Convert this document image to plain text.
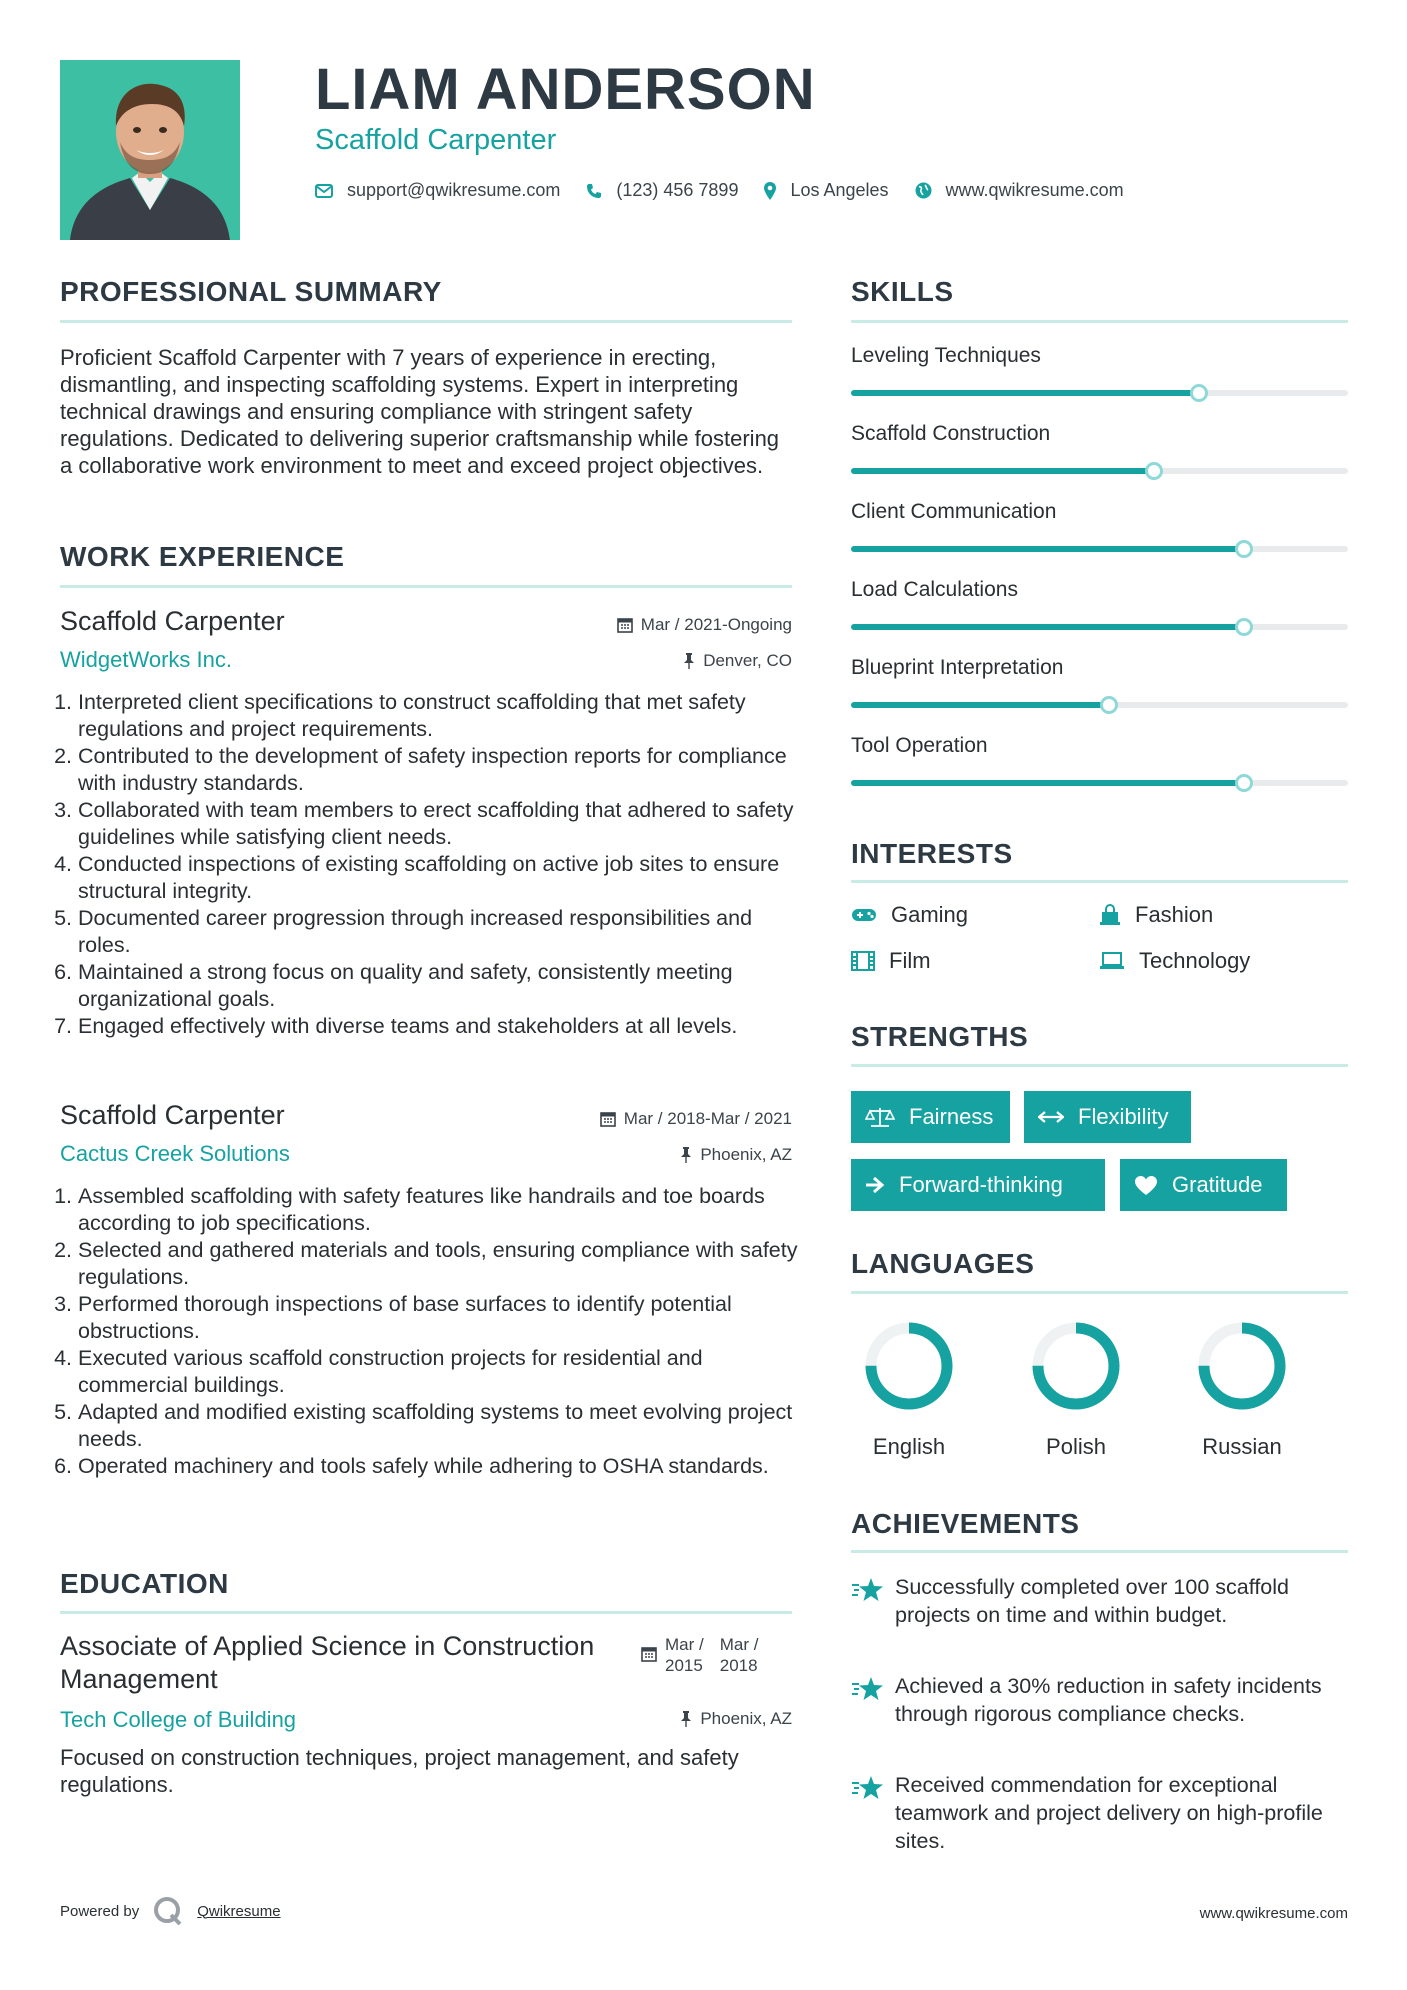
LIAM ANDERSON
Scaffold Carpenter
support@qwikresume.com	(123) 456 7899	Los Angeles	www.qwikresume.com
PROFESSIONAL SUMMARY
Proficient Scaffold Carpenter with 7 years of experience in erecting, dismantling, and inspecting scaffolding systems. Expert in interpreting technical drawings and ensuring compliance with stringent safety regulations. Dedicated to delivering superior craftsmanship while fostering a collaborative work environment to meet and exceed project objectives.
WORK EXPERIENCE
Scaffold Carpenter	Mar / 2021-Ongoing
WidgetWorks Inc.	Denver, CO
1. Interpreted client specifications to construct scaffolding that met safety regulations and project requirements.
2. Contributed to the development of safety inspection reports for compliance with industry standards.
3. Collaborated with team members to erect scaffolding that adhered to safety guidelines while satisfying client needs.
4. Conducted inspections of existing scaffolding on active job sites to ensure structural integrity.
5. Documented career progression through increased responsibilities and roles.
6. Maintained a strong focus on quality and safety, consistently meeting organizational goals.
7. Engaged effectively with diverse teams and stakeholders at all levels.
Scaffold Carpenter	Mar / 2018-Mar / 2021
Cactus Creek Solutions	Phoenix, AZ
1. Assembled scaffolding with safety features like handrails and toe boards according to job specifications.
2. Selected and gathered materials and tools, ensuring compliance with safety regulations.
3. Performed thorough inspections of base surfaces to identify potential obstructions.
4. Executed various scaffold construction projects for residential and commercial buildings.
5. Adapted and modified existing scaffolding systems to meet evolving project needs.
6. Operated machinery and tools safely while adhering to OSHA standards.
EDUCATION
Associate of Applied Science in Construction Management
Mar /
2015
Mar /
2018
Tech College of Building	Phoenix, AZ
Focused on construction techniques, project management, and safety regulations.
SKILLS
Leveling Techniques
Scaffold Construction
Client Communication
Load Calculations
Blueprint Interpretation
Tool Operation
INTERESTS
Gaming	Fashion
Film	Technology
STRENGTHS
Fairness	Flexibility
Forward-thinking	Gratitude
LANGUAGES
English	Polish	Russian
ACHIEVEMENTS
Successfully completed over 100 scaffold projects on time and within budget.
Achieved a 30% reduction in safety incidents through rigorous compliance checks.
Received commendation for exceptional teamwork and project delivery on high-profile sites.
Powered by	Qwikresume	www.qwikresume.com
